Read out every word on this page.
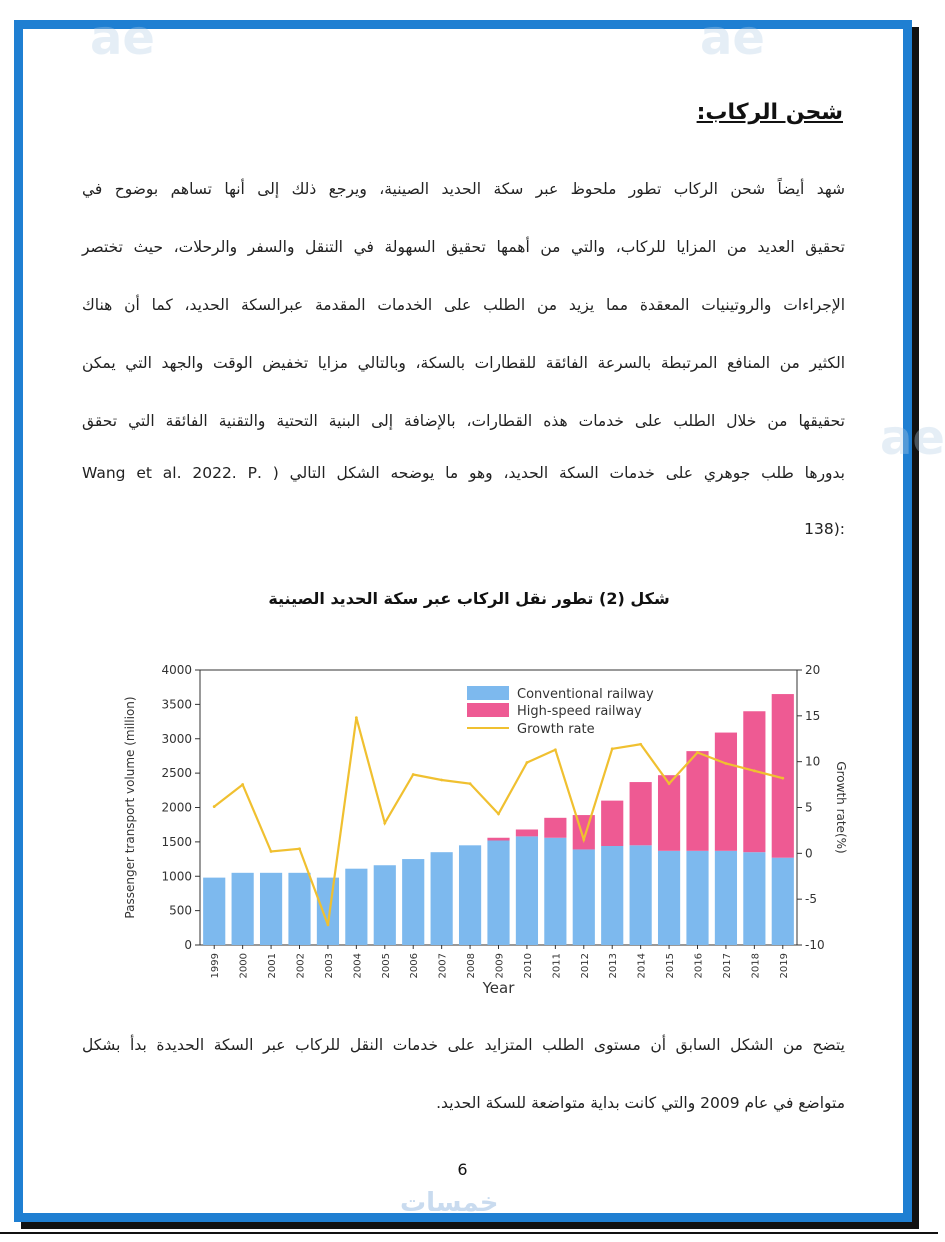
ae	ae
ae
شحن الركاب:
شهد أيضاً شحن الركاب تطور ملحوظ عبر سكة الحديد الصينية، ويرجع ذلك إلى أنها تساهم بوضوح في
تحقيق العديد من المزايا للركاب، والتي من أهمها تحقيق السهولة في التنقل والسفر والرحلات، حيث تختصر
الإجراءات والروتينيات المعقدة مما يزيد من الطلب على الخدمات المقدمة عبرالسكة الحديد، كما أن هناك
الكثير من المنافع المرتبطة بالسرعة الفائقة للقطارات بالسكة، وبالتالي مزايا تخفيض الوقت والجهد التي يمكن
تحقيقها من خلال الطلب على خدمات هذه القطارات، بالإضافة إلى البنية التحتية والتقنية الفائقة التي تحقق
بدورها طلب جوهري على خدمات السكة الحديد، وهو ما يوضحه الشكل التالي ( .Wang et al. 2022. P
:(138
شكل (2) تطور نقل الركاب عبر سكة الحديد الصينية
0
500
1000
1500
2000
2500
3000
3500
4000
-10
-5
0
5
10
15
20
1999 2000 2001 2002 2003 2004 2005 2006 2007 2008 2009 2010 2011 2012 2013 2014 2015 2016 2017 2018 2019
Year
Passenger transport volume (million)	Growth rate(%)
Conventional railway
High-speed railway
Growth rate
يتضح من الشكل السابق أن مستوى الطلب المتزايد على خدمات النقل للركاب عبر السكة الحديدة بدأ بشكل
متواضع في عام 2009 والتي كانت بداية متواضعة للسكة الحديد.
6
خمسات
